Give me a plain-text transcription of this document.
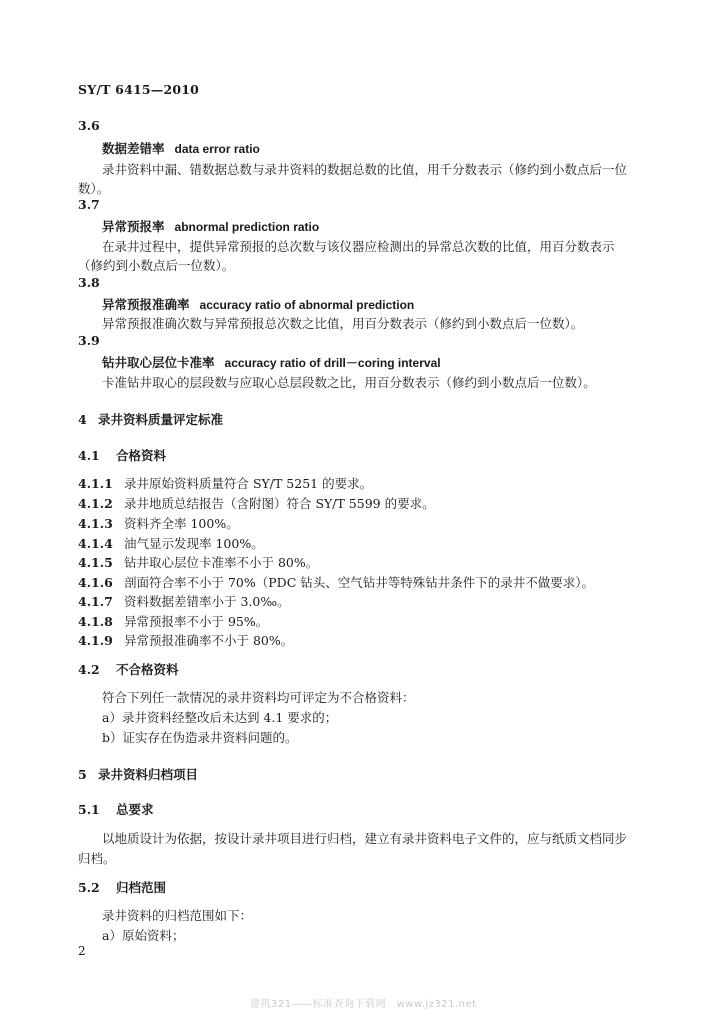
SY/T 6415—2010
3.6
数据差错率 data error ratio
录井资料中漏、错数据总数与录井资料的数据总数的比值，用千分数表示（修约到小数点后一位
数）。
3.7
异常预报率 abnormal prediction ratio
在录井过程中，提供异常预报的总次数与该仪器应检测出的异常总次数的比值，用百分数表示
（修约到小数点后一位数）。
3.8
异常预报准确率 accuracy ratio of abnormal prediction
异常预报准确次数与异常预报总次数之比值，用百分数表示（修约到小数点后一位数）。
3.9
钻井取心层位卡准率 accuracy ratio of drill－coring interval
卡准钻井取心的层段数与应取心总层段数之比，用百分数表示（修约到小数点后一位数）。
4 录井资料质量评定标准
4.1 合格资料
4.1.1 录井原始资料质量符合 SY/T 5251 的要求。
4.1.2 录井地质总结报告（含附图）符合 SY/T 5599 的要求。
4.1.3 资料齐全率 100%。
4.1.4 油气显示发现率 100%。
4.1.5 钻井取心层位卡准率不小于 80%。
4.1.6 剖面符合率不小于 70%（PDC 钻头、空气钻井等特殊钻井条件下的录井不做要求）。
4.1.7 资料数据差错率小于 3.0‰。
4.1.8 异常预报率不小于 95%。
4.1.9 异常预报准确率不小于 80%。
4.2 不合格资料
符合下列任一款情况的录井资料均可评定为不合格资料：
a）录井资料经整改后未达到 4.1 要求的；
b）证实存在伪造录井资料问题的。
5 录井资料归档项目
5.1 总要求
以地质设计为依据，按设计录井项目进行归档，建立有录井资料电子文件的，应与纸质文档同步
归档。
5.2 归档范围
录井资料的归档范围如下：
a）原始资料；
2
建筑321——标准查询下载网　www.jz321.net
